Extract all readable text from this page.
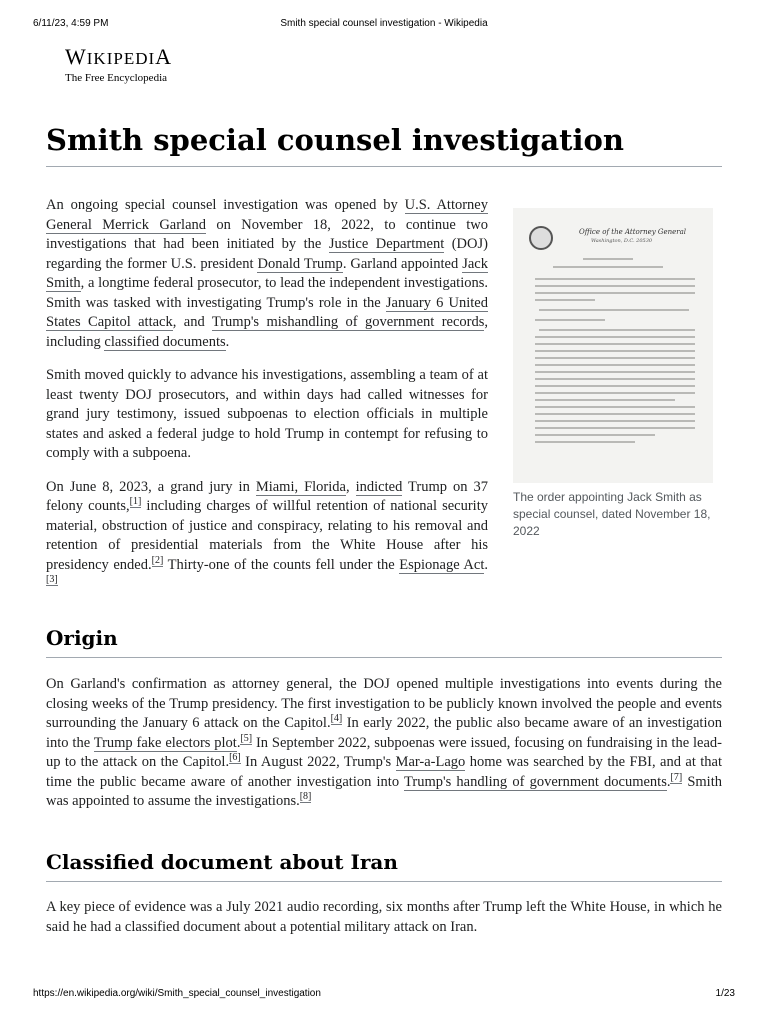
6/11/23, 4:59 PM	Smith special counsel investigation - Wikipedia
WIKIPEDIA
The Free Encyclopedia
Smith special counsel investigation

An ongoing special counsel investigation was opened by U.S. Attorney General Merrick Garland on November 18, 2022, to continue two investigations that had been initiated by the Justice Department (DOJ) regarding the former U.S. president Donald Trump. Garland appointed Jack Smith, a longtime federal prosecutor, to lead the independent investigations. Smith was tasked with investigating Trump's role in the January 6 United States Capitol attack, and Trump's mishandling of government records, including classified documents.

Smith moved quickly to advance his investigations, assembling a team of at least twenty DOJ prosecutors, and within days had called witnesses for grand jury testimony, issued subpoenas to election officials in multiple states and asked a federal judge to hold Trump in contempt for refusing to comply with a subpoena.

On June 8, 2023, a grand jury in Miami, Florida, indicted Trump on 37 felony counts,[1] including charges of willful retention of national security material, obstruction of justice and conspiracy, relating to his removal and retention of presidential materials from the White House after his presidency ended.[2] Thirty-one of the counts fell under the Espionage Act.[3]

Office of the Attorney General
Washington, D.C. 20530
The order appointing Jack Smith as special counsel, dated November 18, 2022
Origin

On Garland's confirmation as attorney general, the DOJ opened multiple investigations into events during the closing weeks of the Trump presidency. The first investigation to be publicly known involved the people and events surrounding the January 6 attack on the Capitol.[4] In early 2022, the public also became aware of an investigation into the Trump fake electors plot.[5] In September 2022, subpoenas were issued, focusing on fundraising in the lead-up to the attack on the Capitol.[6] In August 2022, Trump's Mar-a-Lago home was searched by the FBI, and at that time the public became aware of another investigation into Trump's handling of government documents.[7] Smith was appointed to assume the investigations.[8]

Classified document about Iran

A key piece of evidence was a July 2021 audio recording, six months after Trump left the White House, in which he said he had a classified document about a potential military attack on Iran.

https://en.wikipedia.org/wiki/Smith_special_counsel_investigation	1/23
